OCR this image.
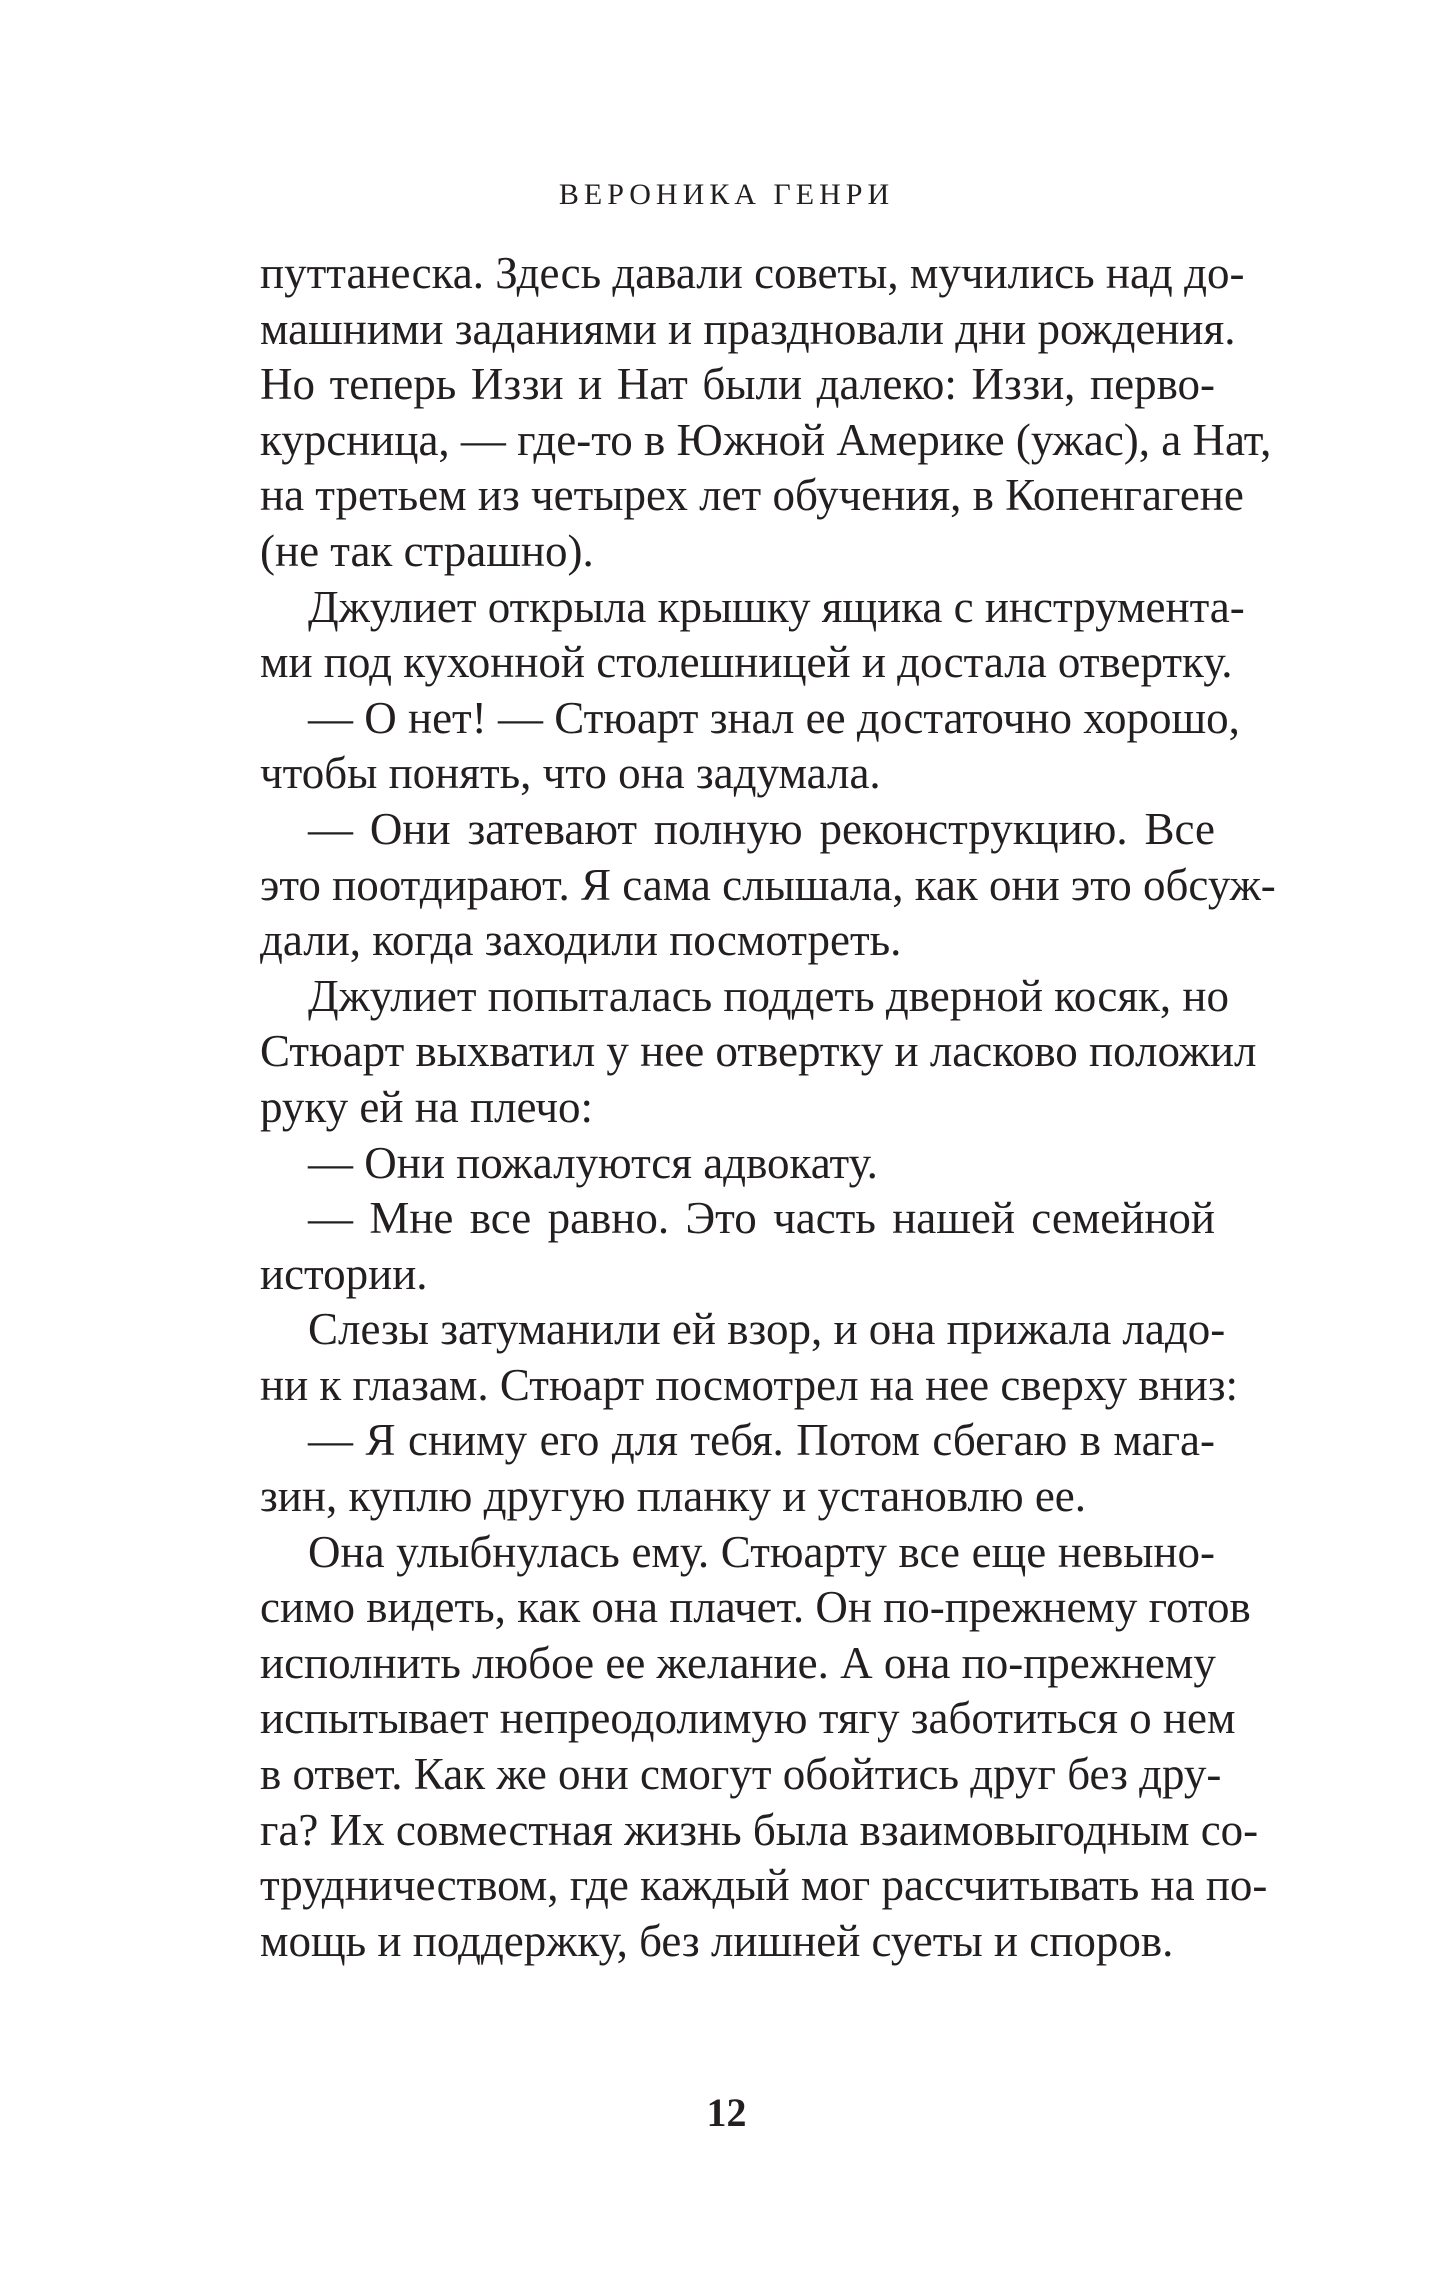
ВЕРОНИКА ГЕНРИ
путтанеска. Здесь давали советы, мучились над до-
машними заданиями и праздновали дни рождения.
Но теперь Иззи и Нат были далеко: Иззи, перво-
курсница, — где-то в Южной Америке (ужас), а Нат,
на третьем из четырех лет обучения, в Копенгагене
(не так страшно).
Джулиет открыла крышку ящика с инструмента-
ми под кухонной столешницей и достала отвертку.
— О нет! — Стюарт знал ее достаточно хорошо,
чтобы понять, что она задумала.
— Они затевают полную реконструкцию. Все
это поотдирают. Я сама слышала, как они это обсуж-
дали, когда заходили посмотреть.
Джулиет попыталась поддеть дверной косяк, но
Стюарт выхватил у нее отвертку и ласково положил
руку ей на плечо:
— Они пожалуются адвокату.
— Мне все равно. Это часть нашей семейной
истории.
Слезы затуманили ей взор, и она прижала ладо-
ни к глазам. Стюарт посмотрел на нее сверху вниз:
— Я сниму его для тебя. Потом сбегаю в мага-
зин, куплю другую планку и установлю ее.
Она улыбнулась ему. Стюарту все еще невыно-
симо видеть, как она плачет. Он по-прежнему готов
исполнить любое ее желание. А она по-прежнему
испытывает непреодолимую тягу заботиться о нем
в ответ. Как же они смогут обойтись друг без дру-
га? Их совместная жизнь была взаимовыгодным со-
трудничеством, где каждый мог рассчитывать на по-
мощь и поддержку, без лишней суеты и споров.
12
